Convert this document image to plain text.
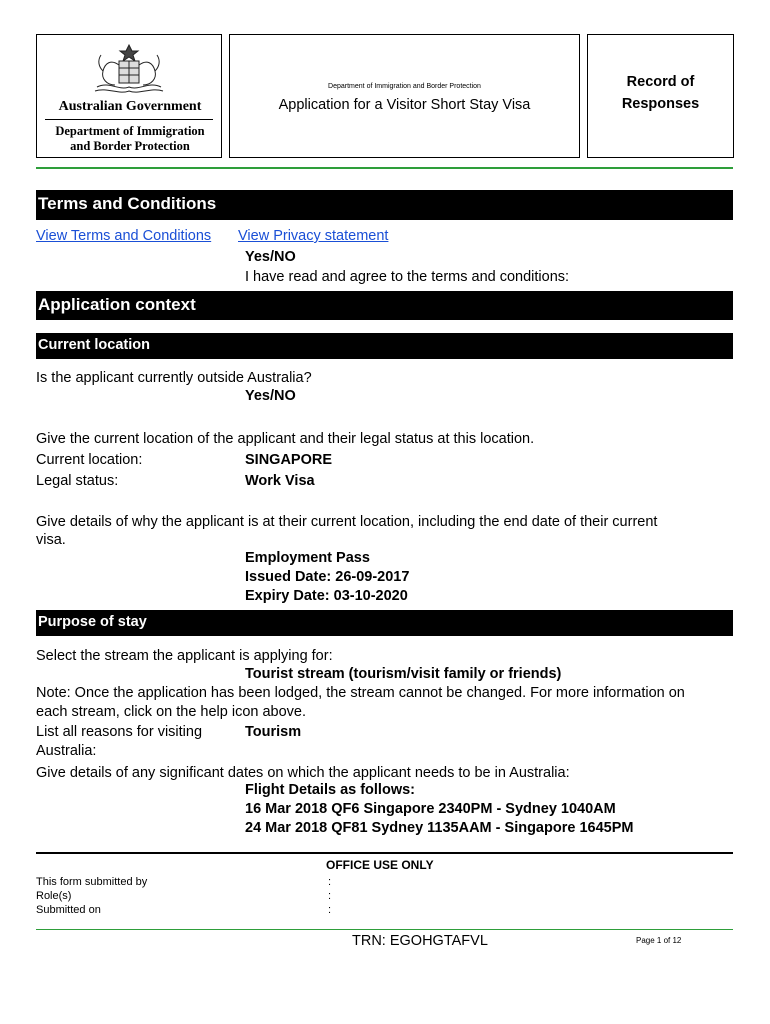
Australian Government
Department of Immigration
and Border Protection
Department of Immigration and Border Protection
Application for a Visitor Short Stay Visa
Record of
Responses
Terms and Conditions
View Terms and Conditions View Privacy statement
Yes/NO
I have read and agree to the terms and conditions:
Application context
Current location
Is the applicant currently outside Australia?
Yes/NO
Give the current location of the applicant and their legal status at this location.
Current location:	SINGAPORE
Legal status:	Work Visa
Give details of why the applicant is at their current location, including the end date of their current
visa.
Employment Pass
Issued Date: 26-09-2017
Expiry Date: 03-10-2020
Purpose of stay
Select the stream the applicant is applying for:
Tourist stream (tourism/visit family or friends)
Note: Once the application has been lodged, the stream cannot be changed. For more information on
each stream, click on the help icon above.
List all reasons for visiting
Australia:
Tourism
Give details of any significant dates on which the applicant needs to be in Australia:
Flight Details as follows:
16 Mar 2018 QF6 Singapore 2340PM - Sydney 1040AM
24 Mar 2018 QF81 Sydney 1135AAM - Singapore 1645PM
OFFICE USE ONLY
This form submitted by	:
Role(s)	:
Submitted on	:
TRN: EGOHGTAFVL	Page 1 of 12
